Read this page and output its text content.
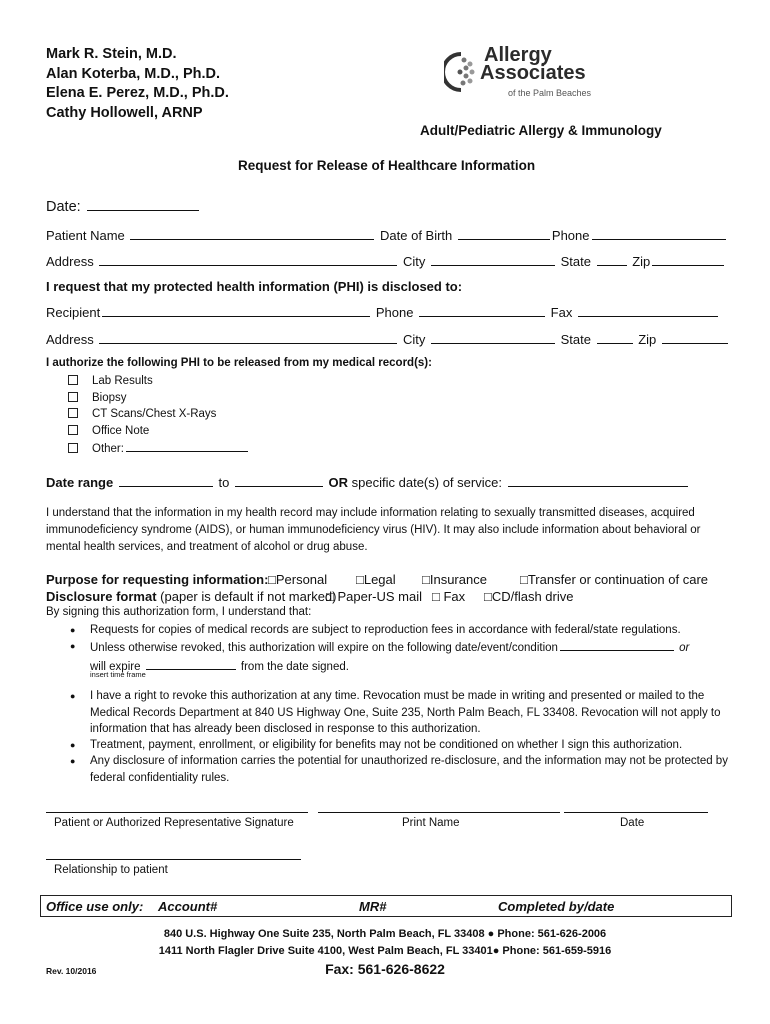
Mark R. Stein, M.D.
Alan Koterba, M.D., Ph.D.
Elena E. Perez, M.D., Ph.D.
Cathy Hollowell, ARNP
Allergy
Associates
of the Palm Beaches
Adult/Pediatric Allergy & Immunology
Request for Release of Healthcare Information
Date:
Patient Name	Date of Birth	Phone
Address	City	State	Zip
I request that my protected health information (PHI) is disclosed to:
Recipient	Phone	Fax
Address	City	State	Zip
I authorize the following PHI to be released from my medical record(s):
Lab Results
Biopsy
CT Scans/Chest X-Rays
Office Note
Other:
Date range	to	OR specific date(s) of service:
I understand that the information in my health record may include information relating to sexually transmitted diseases, acquired immunodeficiency syndrome (AIDS), or human immunodeficiency virus (HIV). It may also include information about behavioral or mental health services, and treatment of alcohol or drug abuse.
Purpose for requesting information: □Personal □Legal □Insurance	□Transfer or continuation of care
Disclosure format (paper is default if not marked)
□ Paper-US mail □ Fax □CD/flash drive
By signing this authorization form, I understand that:
● Requests for copies of medical records are subject to reproduction fees in accordance with federal/state regulations.
● Unless otherwise revoked, this authorization will expire on the following date/event/condition	or
will expire	from the date signed.
insert time frame
● I have a right to revoke this authorization at any time. Revocation must be made in writing and presented or mailed to the Medical Records Department at 840 US Highway One, Suite 235, North Palm Beach, FL 33408. Revocation will not apply to information that has already been disclosed in response to this authorization.
● Treatment, payment, enrollment, or eligibility for benefits may not be conditioned on whether I sign this authorization.
● Any disclosure of information carries the potential for unauthorized re-disclosure, and the information may not be protected by federal confidentiality rules.
Patient or Authorized Representative Signature	Print Name	Date
Relationship to patient
Office use only: Account#	MR#	Completed by/date
840 U.S. Highway One Suite 235, North Palm Beach, FL 33408 ● Phone: 561-626-2006
1411 North Flagler Drive Suite 4100, West Palm Beach, FL 33401● Phone: 561-659-5916
Fax: 561-626-8622
Rev. 10/2016
